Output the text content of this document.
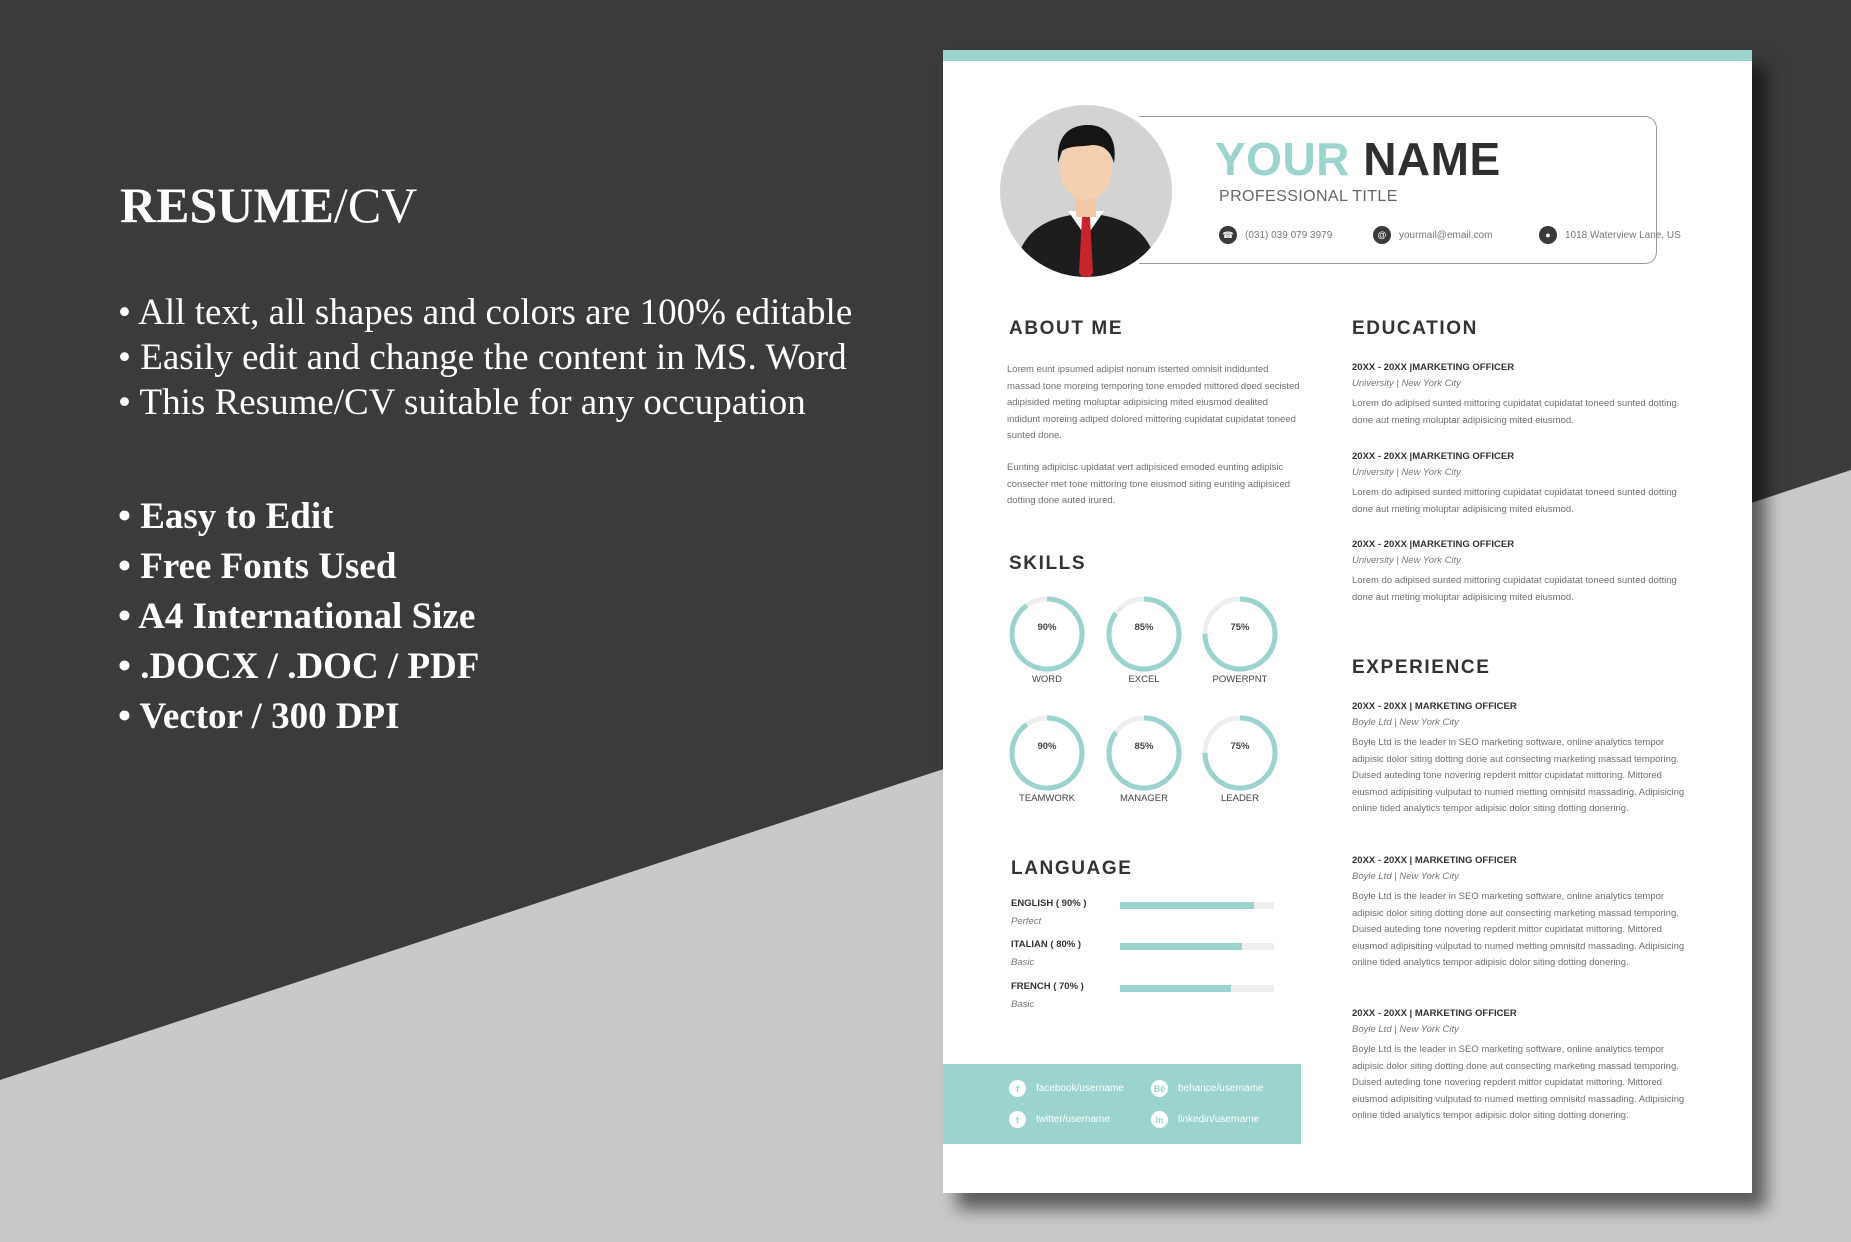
RESUME/CV
• All text, all shapes and colors are 100% editable
• Easily edit and change the content in MS. Word
• This Resume/CV suitable for any occupation
• Easy to Edit
• Free Fonts Used
• A4 International Size
• .DOCX / .DOC / PDF
• Vector / 300 DPI
YOUR NAME
PROFESSIONAL TITLE
☎	(031) 039 079 3979	@	yourmail@email.com	●	1018 Waterview Lane, US
ABOUT ME
Lorem eunt ipsumed adipist nonum isterted omnisit indidunted massad tone moreing temporing tone emoded mittored doed secisted adipisided meting moluptar adipisicing mited eiusmod dealited indidunt moreing adiped dolored mittoring cupidatat cupidatat toneed sunted done.
Eunting adipicisc upidatat vert adipisiced emoded eunting adipisic consecter met tone mittoring tone eiusmod siting eunting adipisiced dotting done auted irured.
SKILLS
90%
WORD
85%
EXCEL
75%
POWERPNT
90%
TEAMWORK
85%
MANAGER
75%
LEADER
LANGUAGE
ENGLISH ( 90% )
Perfect
ITALIAN ( 80% )
Basic
FRENCH ( 70% )
Basic
f	facebook/username	Bē behance/username
t	twitter/username	in	linkedin/username
EDUCATION
20XX - 20XX |MARKETING OFFICER
University | New York City
Lorem do adipised sunted mittoring cupidatat cupidatat toneed sunted dotting done aut meting moluptar adipisicing mited eiusmod.
20XX - 20XX |MARKETING OFFICER
University | New York City
Lorem do adipised sunted mittoring cupidatat cupidatat toneed sunted dotting done aut meting moluptar adipisicing mited eiusmod.
20XX - 20XX |MARKETING OFFICER
University | New York City
Lorem do adipised sunted mittoring cupidatat cupidatat toneed sunted dotting done aut meting moluptar adipisicing mited eiusmod.
EXPERIENCE
20XX - 20XX | MARKETING OFFICER
Boyle Ltd | New York City
Boyle Ltd is the leader in SEO marketing software, online analytics tempor adipisic dolor siting dotting done aut consecting marketing massad temporing. Duised auteding tone novering repderit mittor cupidatat mittoring. Mittored eiusmod adipisiting vulputad to numed metting omnisitd massading. Adipisicing online tided analytics tempor adipisic dolor siting dotting donering.
20XX - 20XX | MARKETING OFFICER
Boyle Ltd | New York City
Boyle Ltd is the leader in SEO marketing software, online analytics tempor adipisic dolor siting dotting done aut consecting marketing massad temporing. Duised auteding tone novering repderit mittor cupidatat mittoring. Mittored eiusmod adipisiting vulputad to numed metting omnisitd massading. Adipisicing online tided analytics tempor adipisic dolor siting dotting donering.
20XX - 20XX | MARKETING OFFICER
Boyle Ltd | New York City
Boyle Ltd is the leader in SEO marketing software, online analytics tempor adipisic dolor siting dotting done aut consecting marketing massad temporing. Duised auteding tone novering repderit mittor cupidatat mittoring. Mittored eiusmod adipisiting vulputad to numed metting omnisitd massading. Adipisicing online tided analytics tempor adipisic dolor siting dotting donering.
